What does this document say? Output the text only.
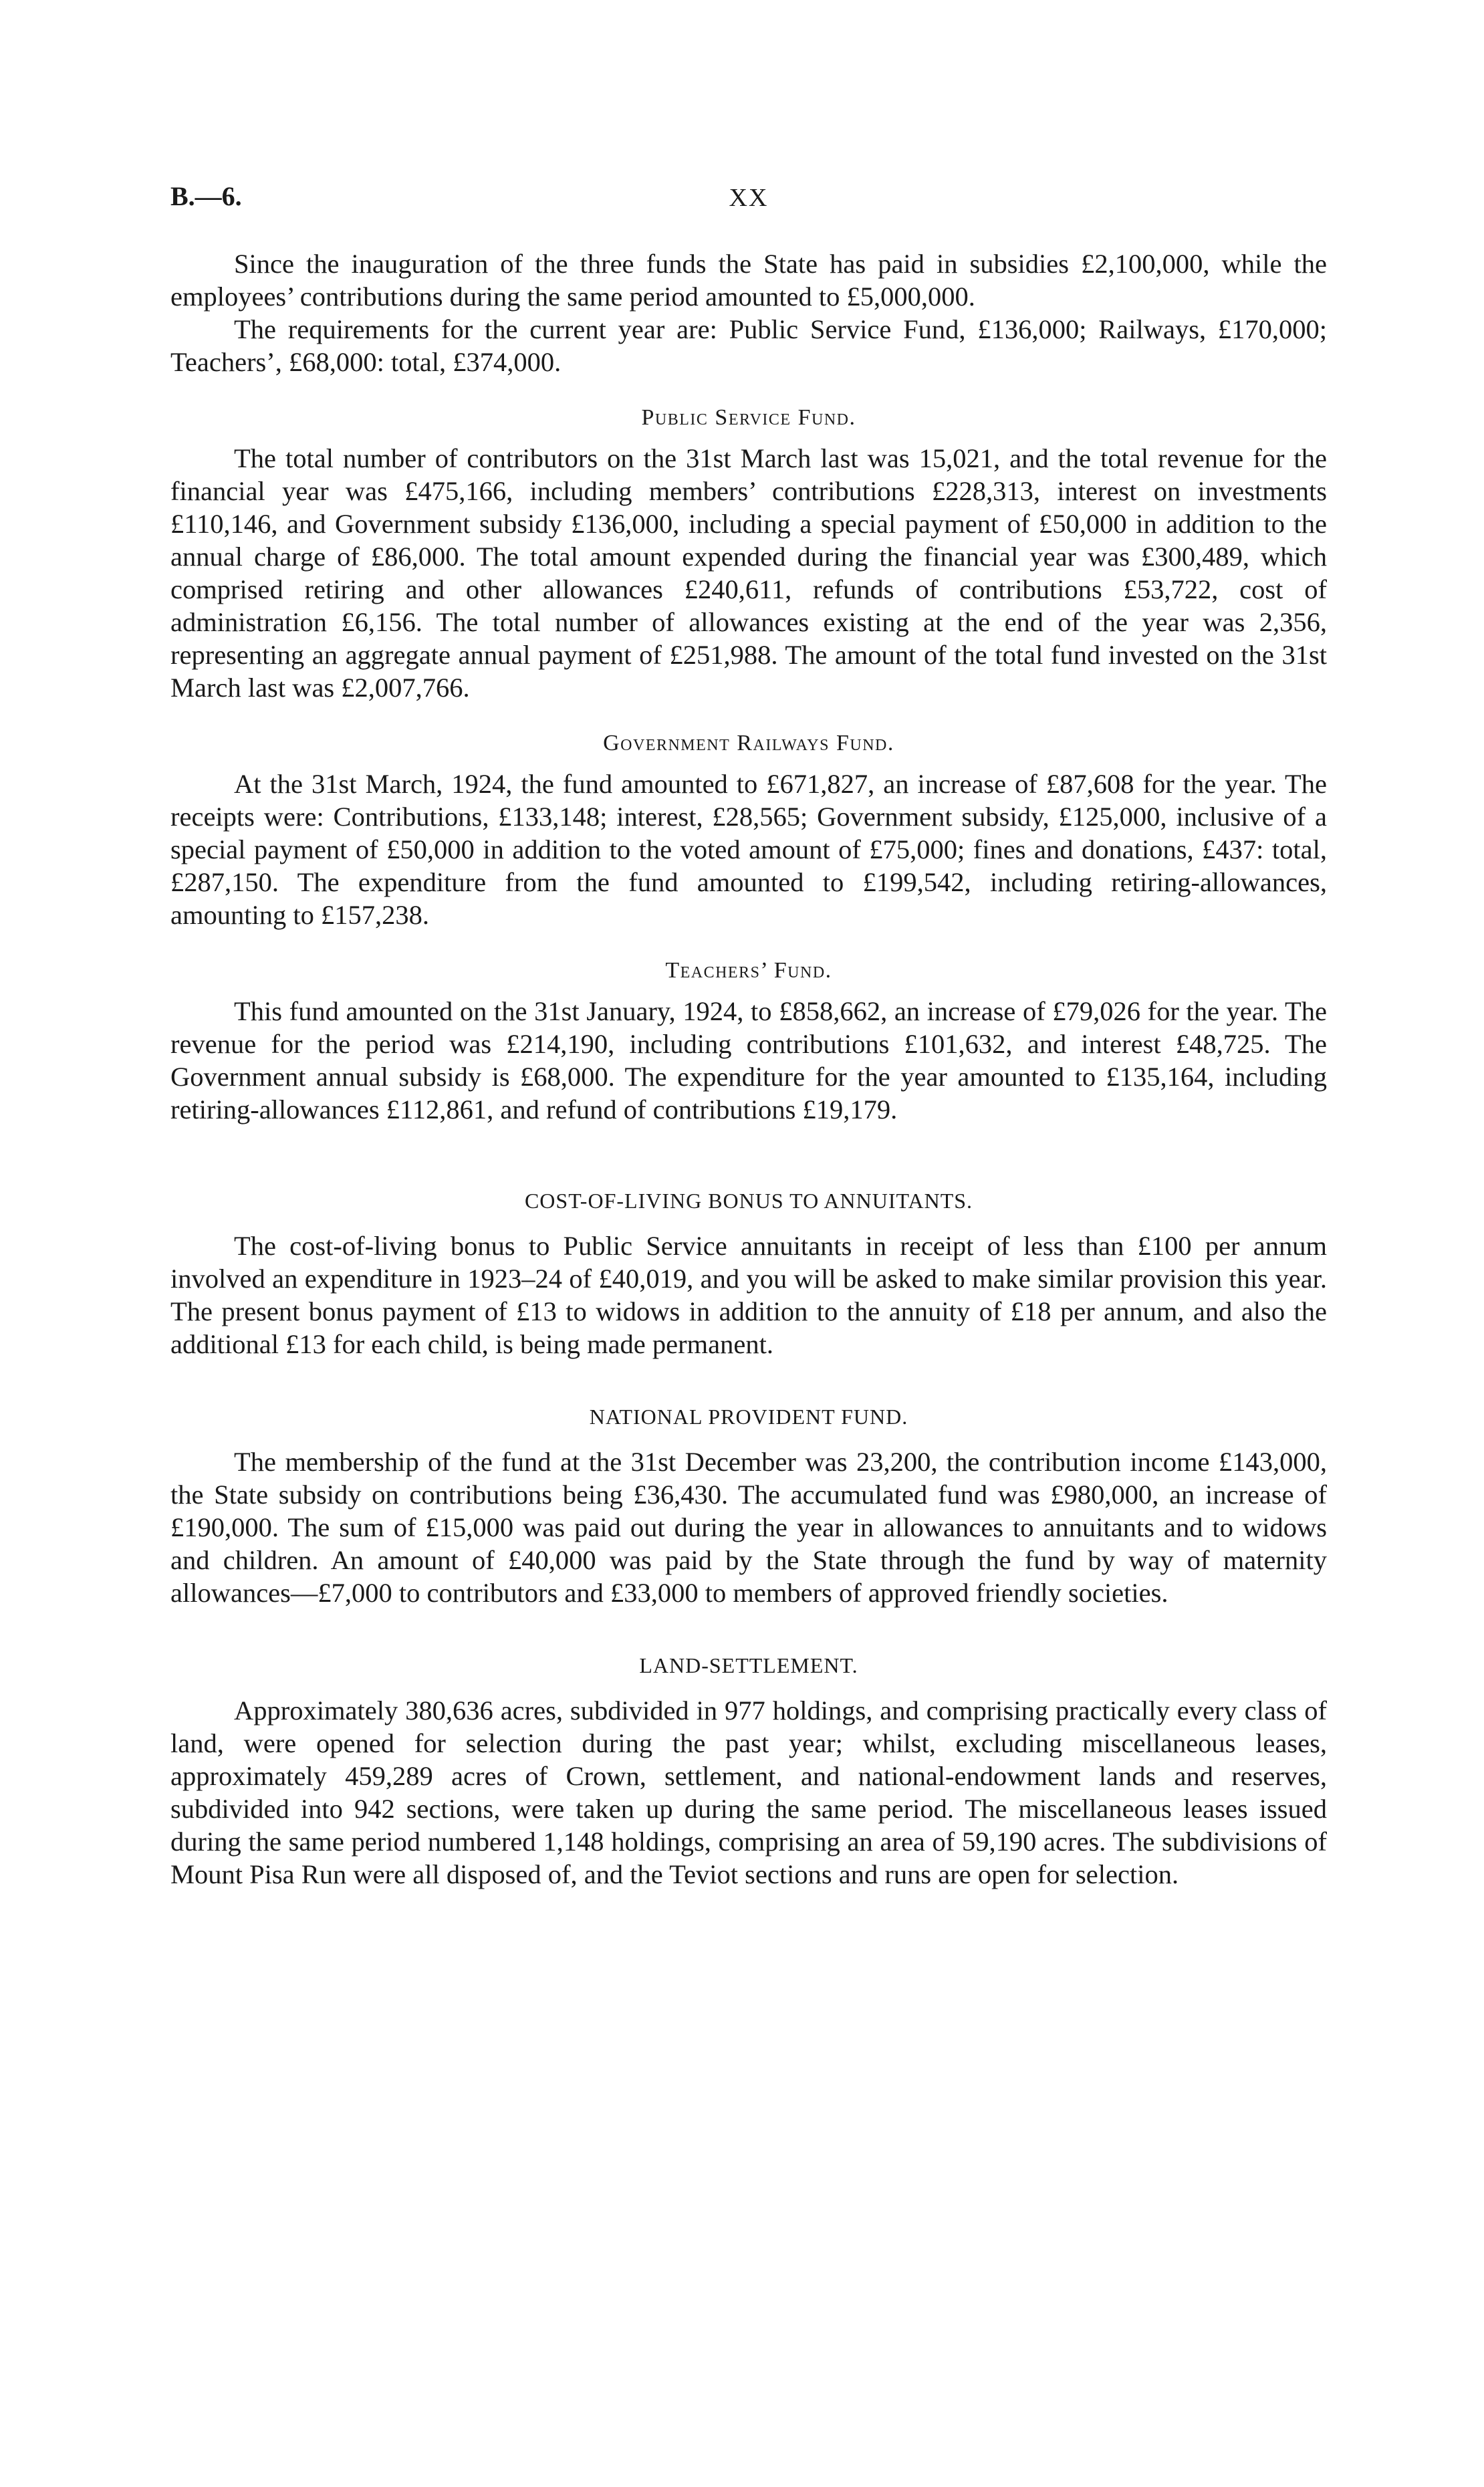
B.—6.	XX

Since the inauguration of the three funds the State has paid in subsidies £2,100,000, while the employees’ contributions during the same period amounted to £5,000,000.

The requirements for the current year are: Public Service Fund, £136,000; Railways, £170,000; Teachers’, £68,000: total, £374,000.

Public Service Fund.

The total number of contributors on the 31st March last was 15,021, and the total revenue for the financial year was £475,166, including members’ contributions £228,313, interest on investments £110,146, and Government subsidy £136,000, including a special payment of £50,000 in addition to the annual charge of £86,000. The total amount expended during the financial year was £300,489, which comprised retiring and other allowances £240,611, refunds of contributions £53,722, cost of administration £6,156. The total number of allowances existing at the end of the year was 2,356, representing an aggregate annual payment of £251,988. The amount of the total fund invested on the 31st March last was £2,007,766.

Government Railways Fund.

At the 31st March, 1924, the fund amounted to £671,827, an increase of £87,608 for the year. The receipts were: Contributions, £133,148; interest, £28,565; Government subsidy, £125,000, inclusive of a special payment of £50,000 in addition to the voted amount of £75,000; fines and donations, £437: total, £287,150. The expenditure from the fund amounted to £199,542, including retiring-allowances, amounting to £157,238.

Teachers’ Fund.

This fund amounted on the 31st January, 1924, to £858,662, an increase of £79,026 for the year. The revenue for the period was £214,190, including contributions £101,632, and interest £48,725. The Government annual subsidy is £68,000. The expenditure for the year amounted to £135,164, including retiring-allowances £112,861, and refund of contributions £19,179.

COST-OF-LIVING BONUS TO ANNUITANTS.

The cost-of-living bonus to Public Service annuitants in receipt of less than £100 per annum involved an expenditure in 1923–24 of £40,019, and you will be asked to make similar provision this year. The present bonus payment of £13 to widows in addition to the annuity of £18 per annum, and also the additional £13 for each child, is being made permanent.

NATIONAL PROVIDENT FUND.

The membership of the fund at the 31st December was 23,200, the contribution income £143,000, the State subsidy on contributions being £36,430. The accumulated fund was £980,000, an increase of £190,000. The sum of £15,000 was paid out during the year in allowances to annuitants and to widows and children. An amount of £40,000 was paid by the State through the fund by way of maternity allowances—£7,000 to contributors and £33,000 to members of approved friendly societies.

LAND-SETTLEMENT.

Approximately 380,636 acres, subdivided in 977 holdings, and comprising practically every class of land, were opened for selection during the past year; whilst, excluding miscellaneous leases, approximately 459,289 acres of Crown, settlement, and national-endowment lands and reserves, subdivided into 942 sections, were taken up during the same period. The miscellaneous leases issued during the same period numbered 1,148 holdings, comprising an area of 59,190 acres. The subdivisions of Mount Pisa Run were all disposed of, and the Teviot sections and runs are open for selection.
